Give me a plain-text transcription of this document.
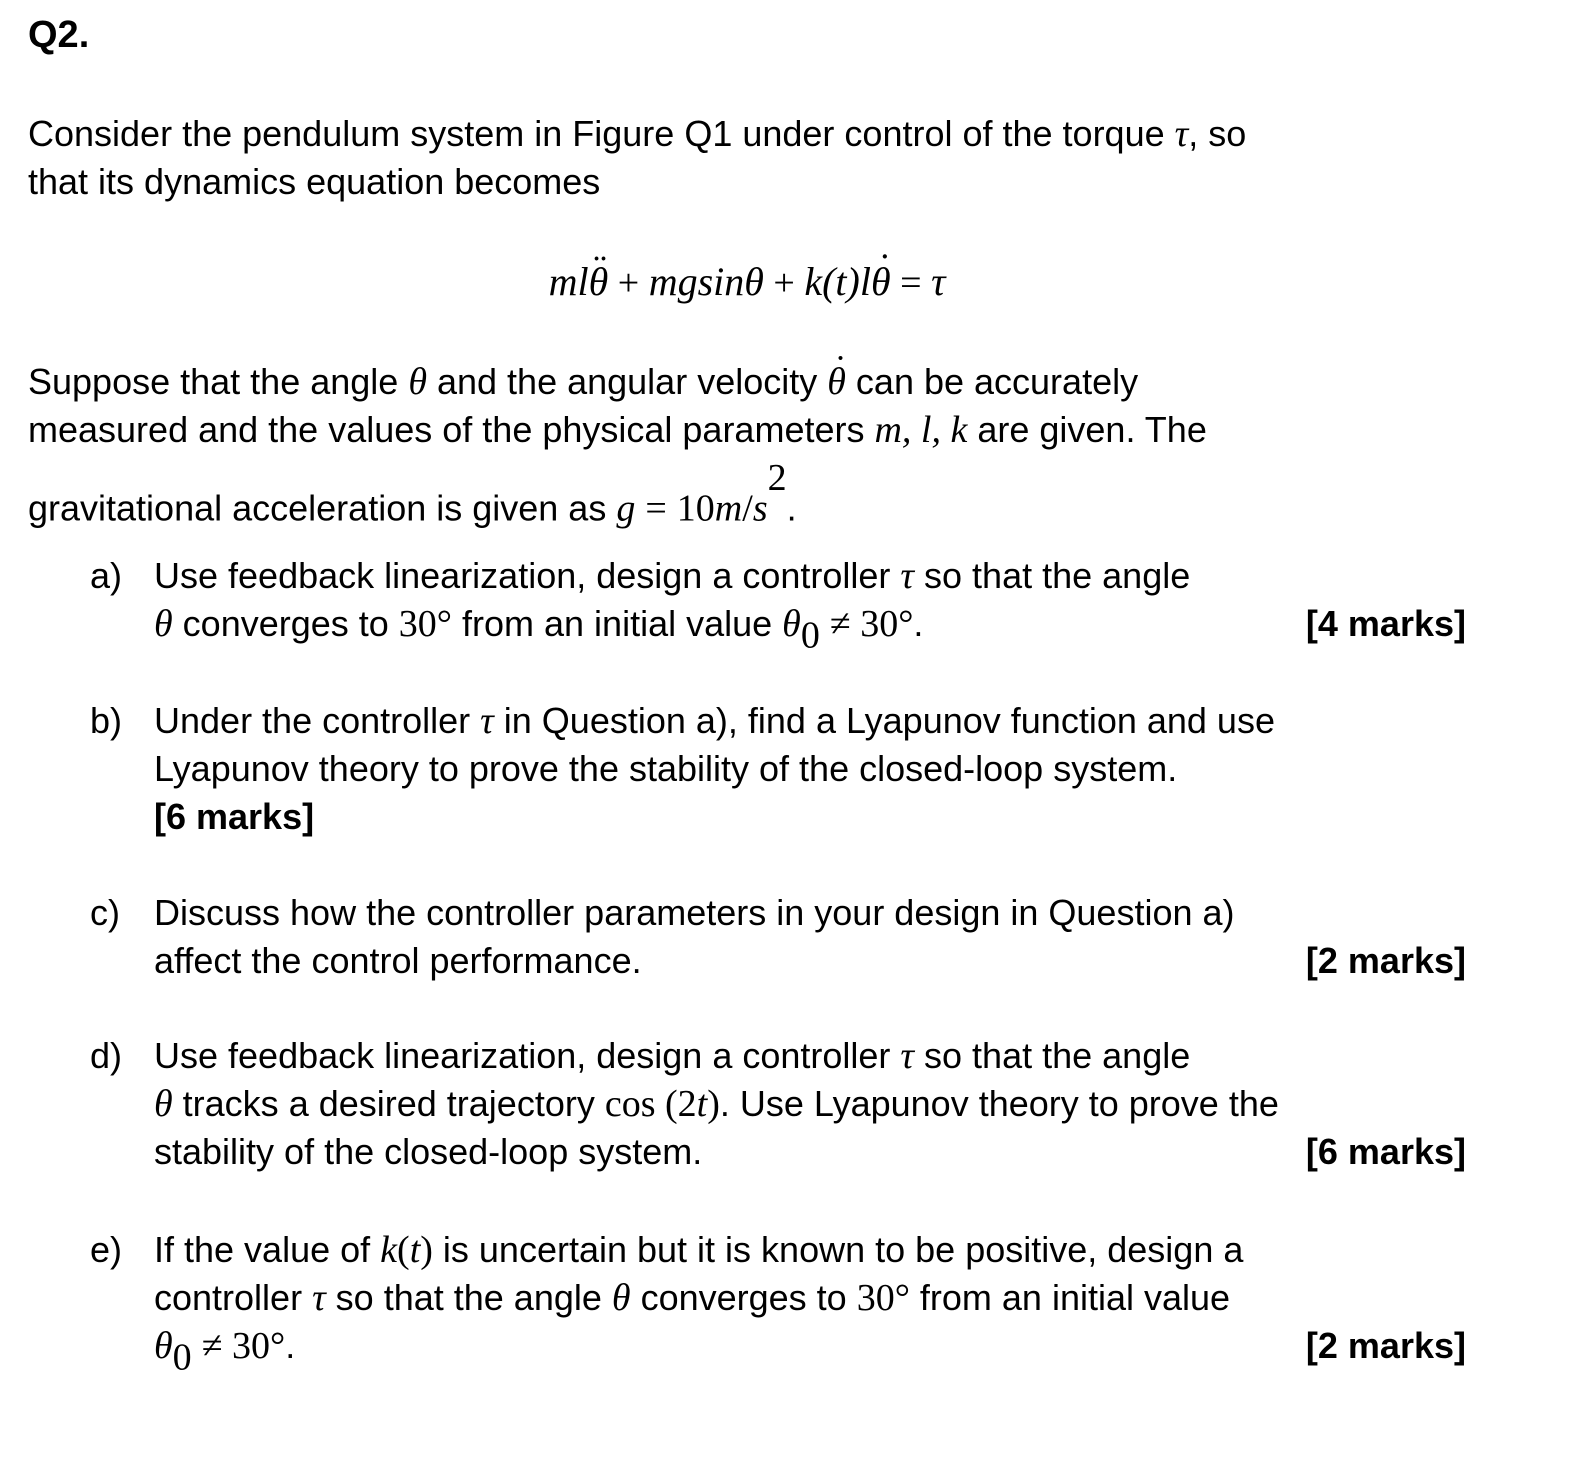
Q2.
Consider the pendulum system in Figure Q1 under control of the torque τ, so
that its dynamics equation becomes
mlθ ¨ + mgsinθ + k(t)lθ ˙ = τ
Suppose that the angle θ and the angular velocity θ ˙ can be accurately
measured and the values of the physical parameters m, l, k are given. The
gravitational acceleration is given as $g = 10m/s^2$.
a) Use feedback linearization, design a controller τ so that the angle
[4 marks]
θ converges to 30° from an initial value $\theta_0 \ne 30^\circ$.
b) Under the controller τ in Question a), find a Lyapunov function and use
Lyapunov theory to prove the stability of the closed-loop system.
[6 marks]
c) Discuss how the controller parameters in your design in Question a)
[2 marks]
affect the control performance.
d) Use feedback linearization, design a controller τ so that the angle
θ tracks a desired trajectory cos (2t). Use Lyapunov theory to prove the
[6 marks]
stability of the closed-loop system.
e) If the value of k(t) is uncertain but it is known to be positive, design a
controller τ so that the angle θ converges to 30° from an initial value
[2 marks]
$\theta_0 \ne 30^\circ$.
